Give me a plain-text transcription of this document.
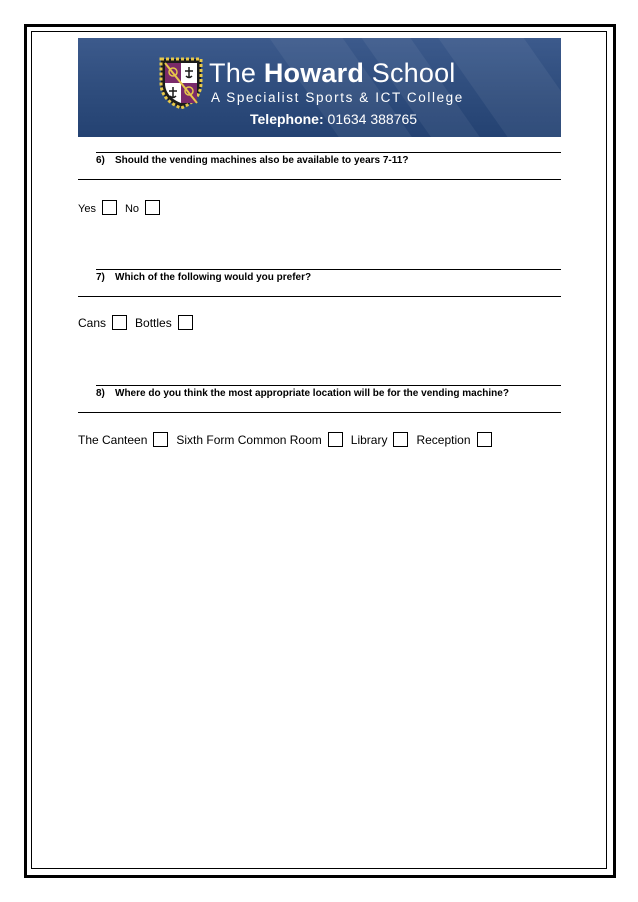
The Howard School
A Specialist Sports & ICT College
Telephone: 01634 388765
6) Should the vending machines also be available to years 7-11?
Yes	No
7) Which of the following would you prefer?
Cans Bottles
8) Where do you think the most appropriate location will be for the vending machine?
The Canteen Sixth Form Common Room Library Reception
